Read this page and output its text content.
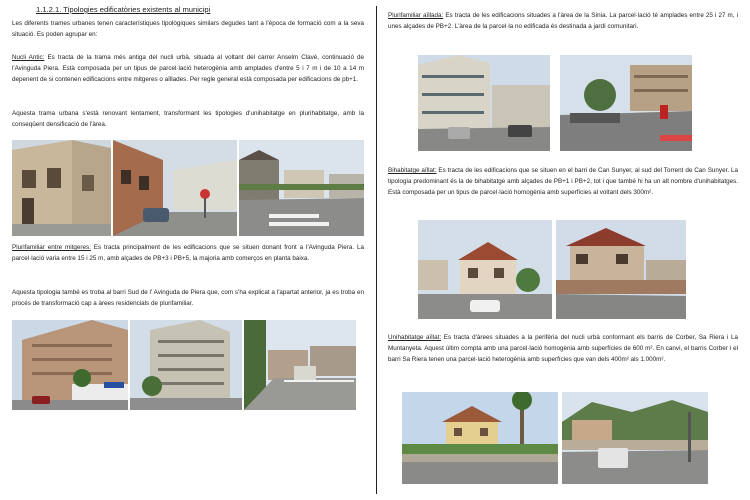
1.1.2.1. Tipologies edificatòries existents al municipi

Les diferents trames urbanes tenen característiques tipològiques similars degudes tant a l'època de formació com a la seva situació. Es poden agrupar en:

Nucli Antic: Es tracta de la trama més antiga del nucli urbà, situada al voltant del carrer Anselm Clavé, continuació de l'Avinguda Piera. Està composada per un tipus de parcel·lació heterogènia amb amplades d'entre 5 i 7 m i de 10 a 14 m depenent de si contenen edificacions entre mitgeres o aïllades. Per regle general està composada per edificacions de pb+1.

Aquesta trama urbana s'està renovant lentament, transformant les tipologies d'unihabitatge en plurihabitatge, amb la conseqüent densificació de l'àrea.

Plurifamiliar entre mitgeres: Es tracta principalment de les edificacions que se situen donant front a l'Avinguda Piera. La parcel·lació varia entre 15 i 25 m, amb alçades de PB+3 i PB+5, la majoria amb comerços en planta baixa.

Aquesta tipologia també es troba al barri Sud de l' Avinguda de Piera que, com s'ha explicat a l'apartat anterior, ja es troba en procés de transformació cap a àrees residencials de plurifamiliar.

Plurifamiliar aïllada: Es tracta de les edificacions situades a l'àrea de la Sínia. La parcel·lació té amplades entre 25 i 27 m, i unes alçades de PB+2. L'àrea de la parcel·la no edificada és destinada a jardí comunitari.

Bihabitatge aïllat: Es tracta de les edificacions que se situen en el barri de Can Sunyer, al sud del Torrent de Can Sunyer. La tipologia predominant és la de bihabitatge amb alçades de PB+1 i PB+2, tot i que també hi ha un alt nombre d'unihabitatges. Està composada per un tipus de parcel·lació homogènia amb superfícies al voltant dels 300m².

Unihabitatge aïllat: Es tracta d'àrees situades a la perifèria del nucli urbà conformant els barris de Corber, Sa Riera i La Muntanyeta. Aquest últim compta amb una parcel·lació homogènia amb superfícies de 600 m². En canvi, el barris Corber i el barri Sa Riera tenen una parcel·lació heterogènia amb superfícies que van dels 400m² als 1.000m².
